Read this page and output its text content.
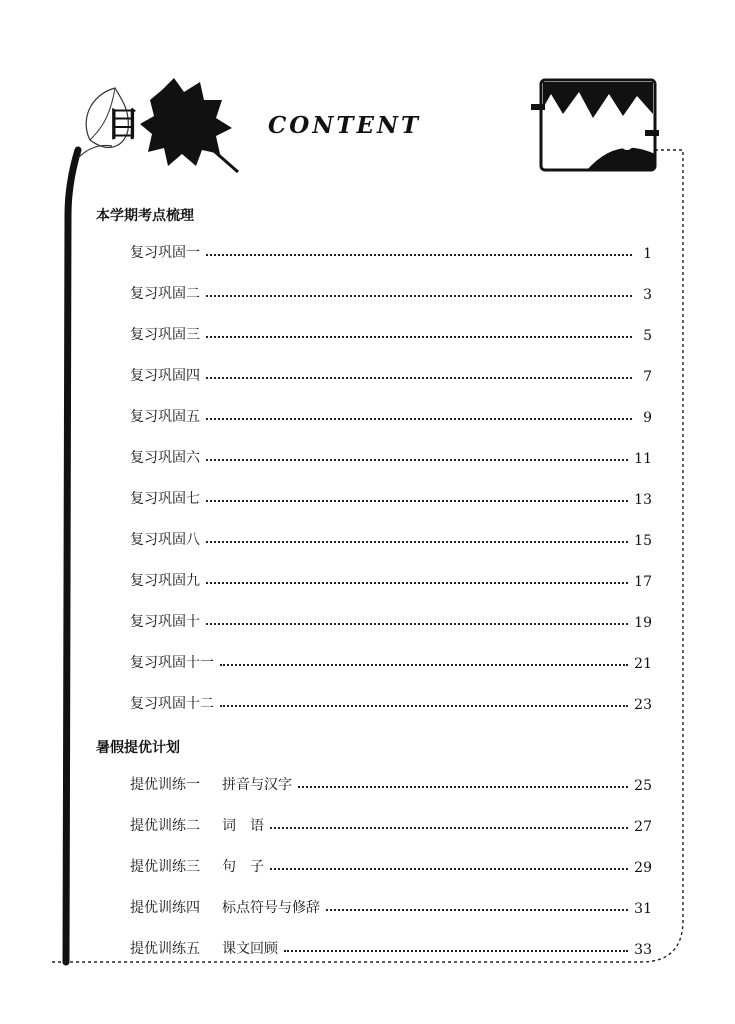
目	CONTENT
本学期考点梳理
复习巩固一	1
复习巩固二	3
复习巩固三	5
复习巩固四	7
复习巩固五	9
复习巩固六	11
复习巩固七	13
复习巩固八	15
复习巩固九	17
复习巩固十	19
复习巩固十一	21
复习巩固十二	23
暑假提优计划
提优训练一 拼音与汉字	25
提优训练二 词　语	27
提优训练三 句　子	29
提优训练四 标点符号与修辞	31
提优训练五 课文回顾	33
